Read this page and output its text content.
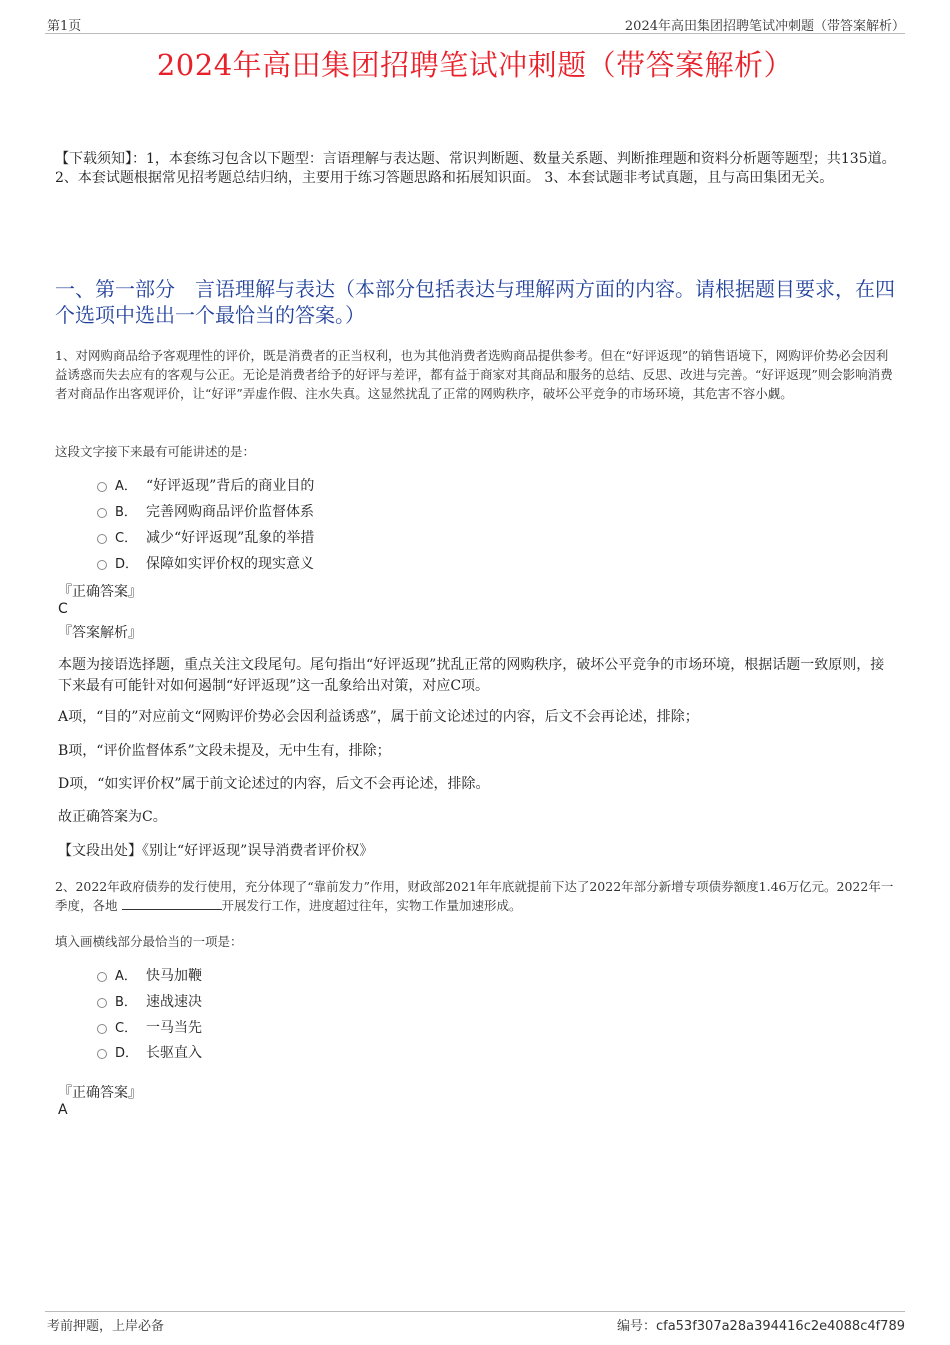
第1页	2024年高田集团招聘笔试冲刺题（带答案解析）
2024年高田集团招聘笔试冲刺题（带答案解析）
【下载须知】：1，本套练习包含以下题型：言语理解与表达题、常识判断题、数量关系题、判断推理题和资料分析题等题型；共135道。 2、本套试题根据常见招考题总结归纳，主要用于练习答题思路和拓展知识面。 3、本套试题非考试真题，且与高田集团无关。
一、第一部分　言语理解与表达（本部分包括表达与理解两方面的内容。请根据题目要求，在四个选项中选出一个最恰当的答案。）
1、对网购商品给予客观理性的评价，既是消费者的正当权利，也为其他消费者选购商品提供参考。但在“好评返现”的销售语境下，网购评价势必会因利益诱惑而失去应有的客观与公正。无论是消费者给予的好评与差评，都有益于商家对其商品和服务的总结、反思、改进与完善。“好评返现”则会影响消费者对商品作出客观评价，让“好评”弄虚作假、注水失真。这显然扰乱了正常的网购秩序，破坏公平竞争的市场环境，其危害不容小觑。
这段文字接下来最有可能讲述的是：
A． “好评返现”背后的商业目的
B． 完善网购商品评价监督体系
C． 减少“好评返现”乱象的举措
D． 保障如实评价权的现实意义
『正确答案』
C
『答案解析』
本题为接语选择题，重点关注文段尾句。尾句指出“好评返现”扰乱正常的网购秩序，破坏公平竞争的市场环境，根据话题一致原则，接下来最有可能针对如何遏制“好评返现”这一乱象给出对策，对应C项。
A项，“目的”对应前文“网购评价势必会因利益诱惑”，属于前文论述过的内容，后文不会再论述，排除；
B项，“评价监督体系”文段未提及，无中生有，排除；
D项，“如实评价权”属于前文论述过的内容，后文不会再论述，排除。
故正确答案为C。
【文段出处】《别让“好评返现”误导消费者评价权》
2、2022年政府债券的发行使用，充分体现了“靠前发力”作用，财政部2021年年底就提前下达了2022年部分新增专项债券额度1.46万亿元。2022年一季度，各地	开展发行工作，进度超过往年，实物工作量加速形成。
填入画横线部分最恰当的一项是：
A． 快马加鞭
B． 速战速决
C． 一马当先
D． 长驱直入
『正确答案』
A
考前押题，上岸必备	编号：cfa53f307a28a394416c2e4088c4f789
